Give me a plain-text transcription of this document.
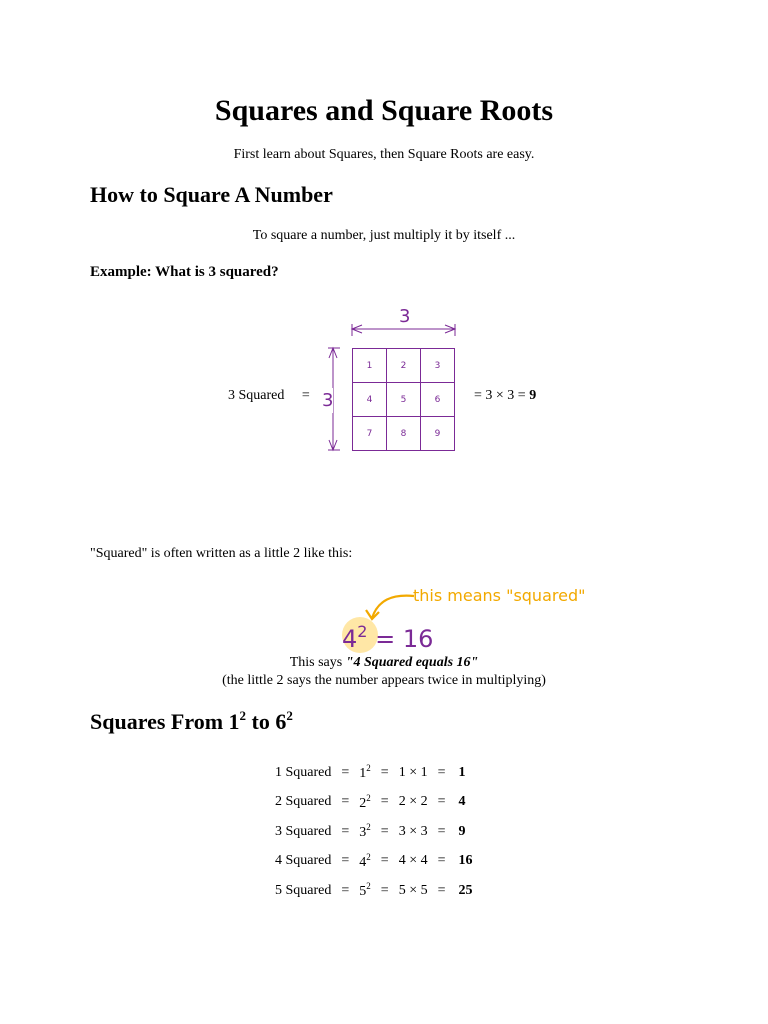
Squares and Square Roots
First learn about Squares, then Square Roots are easy.
How to Square A Number
To square a number, just multiply it by itself ...
Example: What is 3 squared?
3 Squared =
3
3
1	2	3
4	5	6
7	8	9
= 3 × 3 = 9
"Squared" is often written as a little 2 like this:
this means "squared"
$4^2 = 16$
This says "4 Squared equals 16"
(the little 2 says the number appears twice in multiplying)
Squares From $1^2$ to $6^2$
1 Squared	=	$1^2$	=	1 × 1	=	1
2 Squared	=	$2^2$	=	2 × 2	=	4
3 Squared	=	$3^2$	=	3 × 3	=	9
4 Squared	=	$4^2$	=	4 × 4	=	16
5 Squared	=	$5^2$	=	5 × 5	=	25
